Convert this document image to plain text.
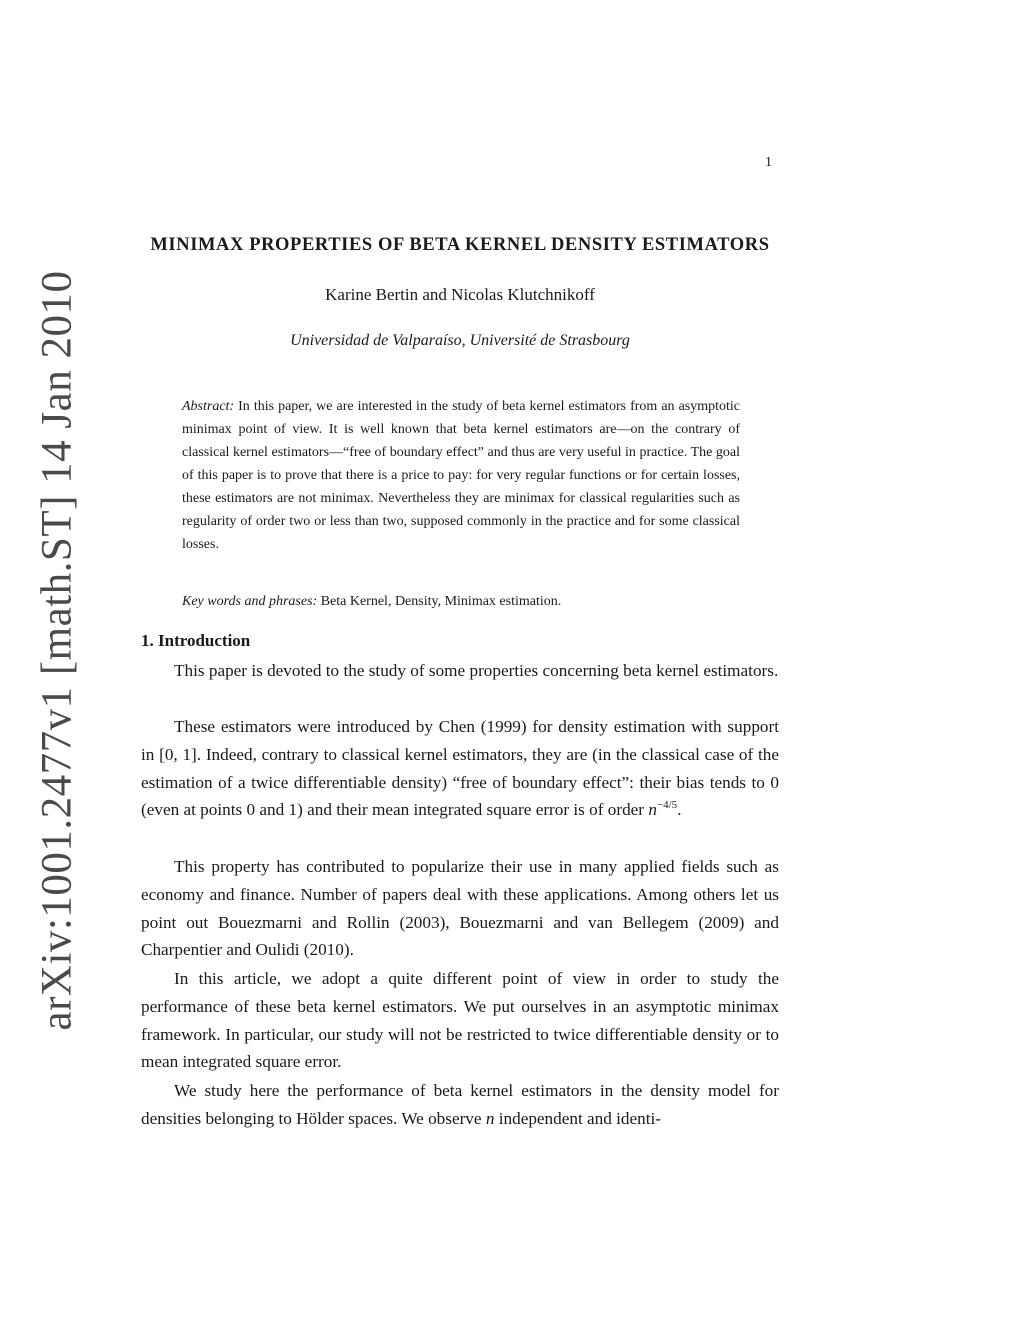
arXiv:1001.2477v1 [math.ST] 14 Jan 2010
1
MINIMAX PROPERTIES OF BETA KERNEL DENSITY ESTIMATORS
Karine Bertin and Nicolas Klutchnikoff
Universidad de Valparaíso, Université de Strasbourg
Abstract: In this paper, we are interested in the study of beta kernel estimators from an asymptotic minimax point of view. It is well known that beta kernel estimators are—on the contrary of classical kernel estimators—“free of boundary effect” and thus are very useful in practice. The goal of this paper is to prove that there is a price to pay: for very regular functions or for certain losses, these estimators are not minimax. Nevertheless they are minimax for classical regularities such as regularity of order two or less than two, supposed commonly in the practice and for some classical losses.
Key words and phrases: Beta Kernel, Density, Minimax estimation.
1. Introduction

This paper is devoted to the study of some properties concerning beta kernel estimators.

These estimators were introduced by Chen (1999) for density estimation with support in [0, 1]. Indeed, contrary to classical kernel estimators, they are (in the classical case of the estimation of a twice differentiable density) “free of boundary effect”: their bias tends to 0 (even at points 0 and 1) and their mean integrated square error is of order $n^{-4/5}$.

This property has contributed to popularize their use in many applied fields such as economy and finance. Number of papers deal with these applications. Among others let us point out Bouezmarni and Rollin (2003), Bouezmarni and van Bellegem (2009) and Charpentier and Oulidi (2010).

In this article, we adopt a quite different point of view in order to study the performance of these beta kernel estimators. We put ourselves in an asymptotic minimax framework. In particular, our study will not be restricted to twice differentiable density or to mean integrated square error.

We study here the performance of beta kernel estimators in the density model for densities belonging to Hölder spaces. We observe n independent and identi-
